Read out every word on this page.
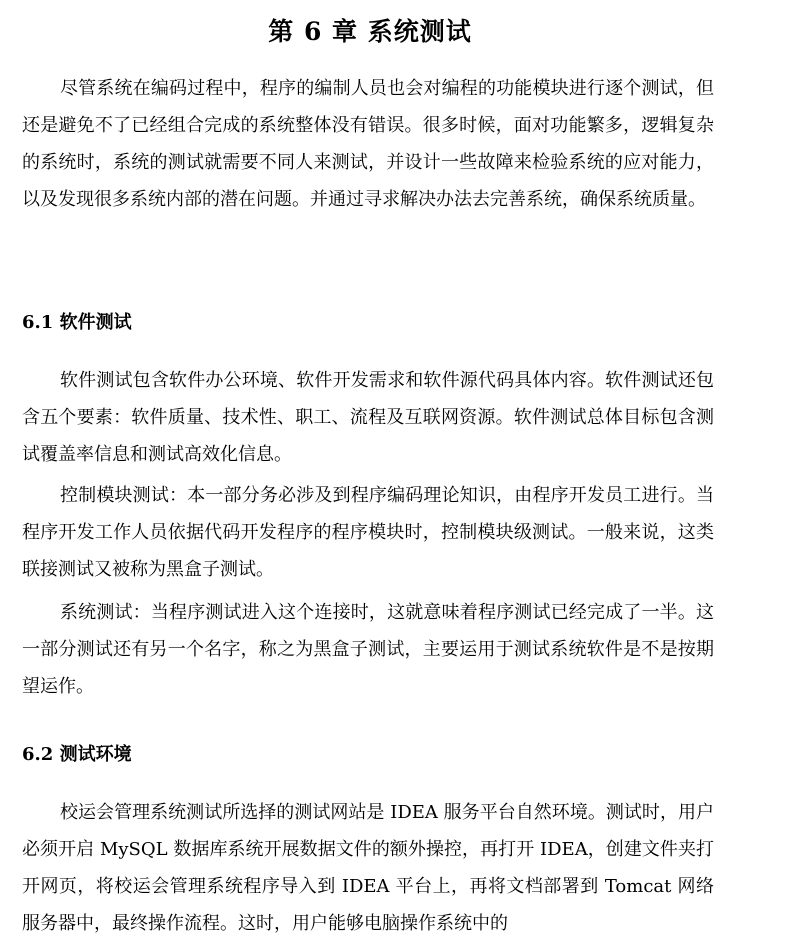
第 6 章 系统测试

尽管系统在编码过程中，程序的编制人员也会对编程的功能模块进行逐个测试，但还是避免不了已经组合完成的系统整体没有错误。很多时候，面对功能繁多，逻辑复杂的系统时，系统的测试就需要不同人来测试，并设计一些故障来检验系统的应对能力，以及发现很多系统内部的潜在问题。并通过寻求解决办法去完善系统，确保系统质量。

6.1 软件测试

软件测试包含软件办公环境、软件开发需求和软件源代码具体内容。软件测试还包含五个要素：软件质量、技术性、职工、流程及互联网资源。软件测试总体目标包含测试覆盖率信息和测试高效化信息。

控制模块测试：本一部分务必涉及到程序编码理论知识，由程序开发员工进行。当程序开发工作人员依据代码开发程序的程序模块时，控制模块级测试。一般来说，这类联接测试又被称为黑盒子测试。

系统测试：当程序测试进入这个连接时，这就意味着程序测试已经完成了一半。这一部分测试还有另一个名字，称之为黑盒子测试，主要运用于测试系统软件是不是按期望运作。

6.2 测试环境

校运会管理系统测试所选择的测试网站是 IDEA 服务平台自然环境。测试时，用户必须开启 MySQL 数据库系统开展数据文件的额外操控，再打开 IDEA，创建文件夹打开网页，将校运会管理系统程序导入到 IDEA 平台上，再将文档部署到 Tomcat 网络服务器中，最终操作流程。这时，用户能够电脑操作系统中的
